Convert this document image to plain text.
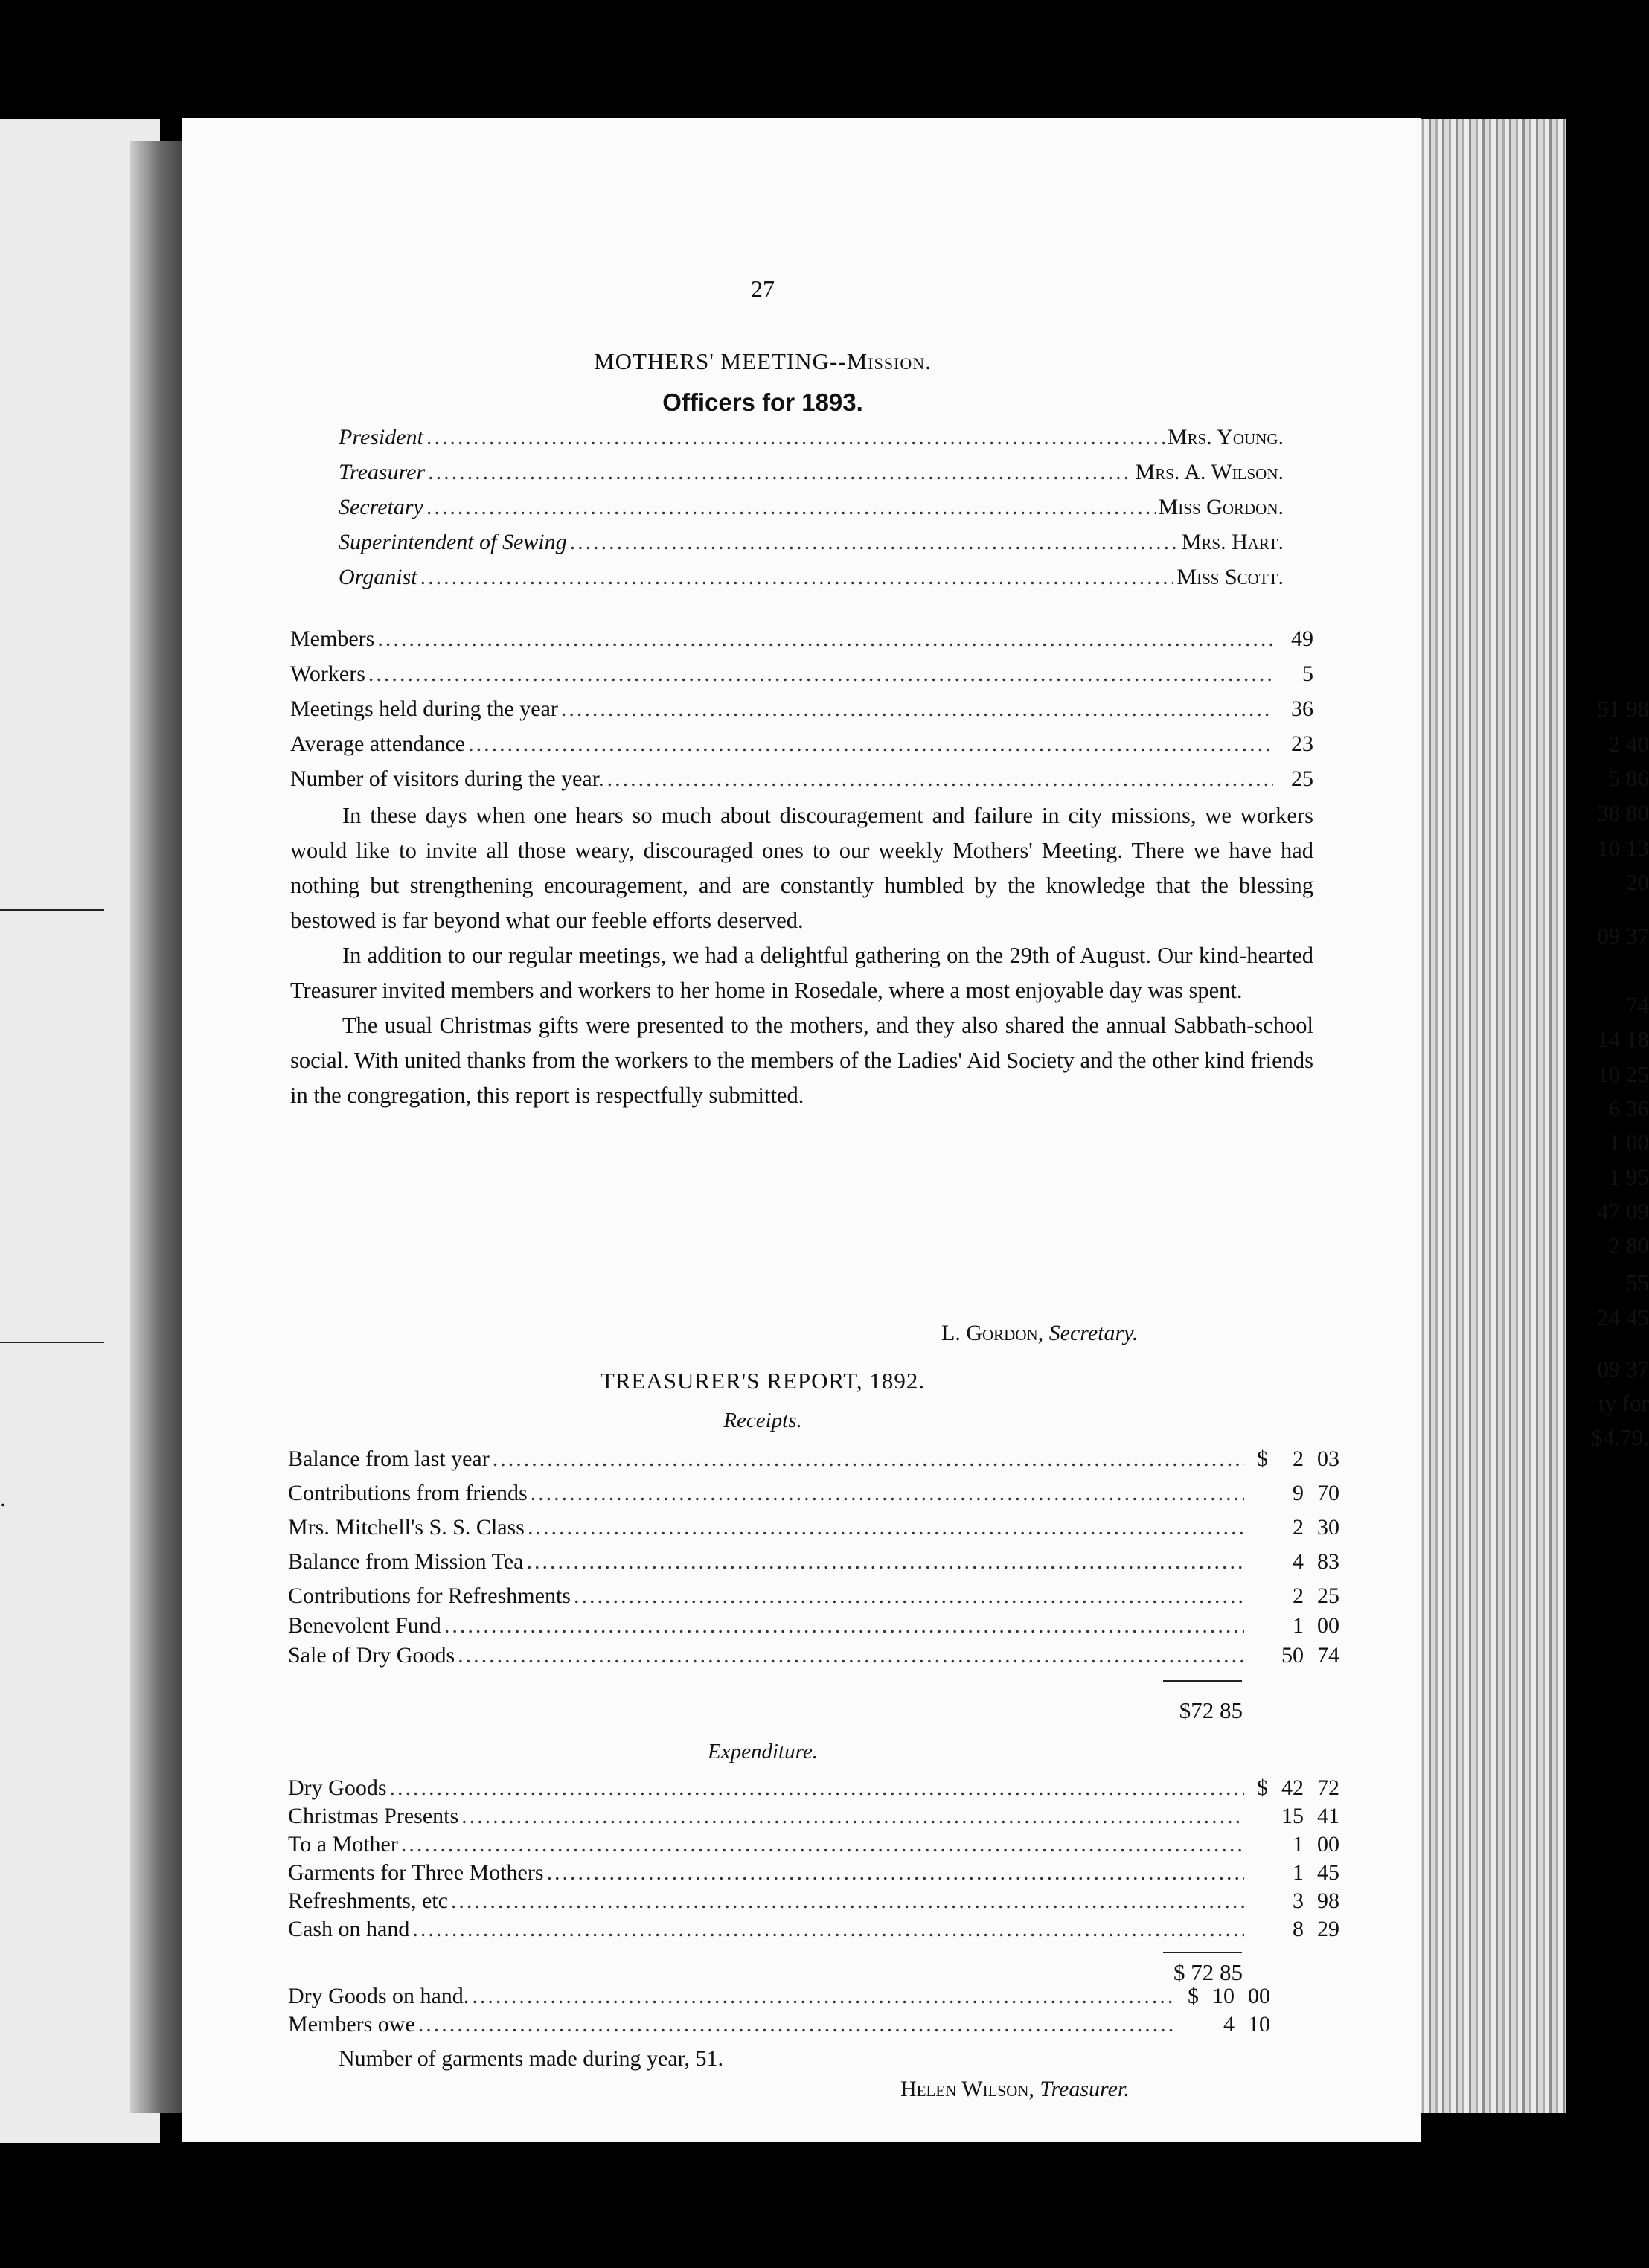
51 98
2 40
5 86
38 80
10 13
20
09 37
74
14 18
10 25
6 36
1 00
1 95
47 09
2 80
55
24 45
09 37
ty for
$4.79.
.
27
MOTHERS' MEETING--Mission.
Officers for 1893.
President .....	Mrs. Young.
Treasurer .....	Mrs. A. Wilson.
Secretary .....	Miss Gordon.
Superintendent of Sewing .....	Mrs. Hart.
Organist .....	Miss Scott.
Members .....	49
Workers .....	5
Meetings held during the year .....	36
Average attendance .....	23
Number of visitors during the year. .....	25

In these days when one hears so much about discouragement and failure in city missions, we workers would like to invite all those weary, discouraged ones to our weekly Mothers' Meeting. There we have had nothing but strengthening encouragement, and are constantly humbled by the knowledge that the blessing bestowed is far beyond what our feeble efforts deserved.

In addition to our regular meetings, we had a delightful gathering on the 29th of August. Our kind-hearted Treasurer invited members and workers to her home in Rosedale, where a most enjoyable day was spent.

The usual Christmas gifts were presented to the mothers, and they also shared the annual Sabbath-school social. With united thanks from the workers to the members of the Ladies' Aid Society and the other kind friends in the congregation, this report is respectfully submitted.

L. Gordon, Secretary.
TREASURER'S REPORT, 1892.
Receipts.
Balance from last year .....	$	2 03
Contributions from friends .....	9 70
Mrs. Mitchell's S. S. Class .....	2 30
Balance from Mission Tea .....	4 83
Contributions for Refreshments .....	2 25
Benevolent Fund .....	1 00
Sale of Dry Goods .....	50 74
$72 85
Expenditure.
Dry Goods .....	$ 42 72
Christmas Presents .....	15 41
To a Mother .....	1 00
Garments for Three Mothers .....	1 45
Refreshments, etc .....	3 98
Cash on hand .....	8 29
$ 72 85
Dry Goods on hand. .....	$ 10 00
Members owe .....	4 10
Number of garments made during year, 51.
Helen Wilson, Treasurer.
